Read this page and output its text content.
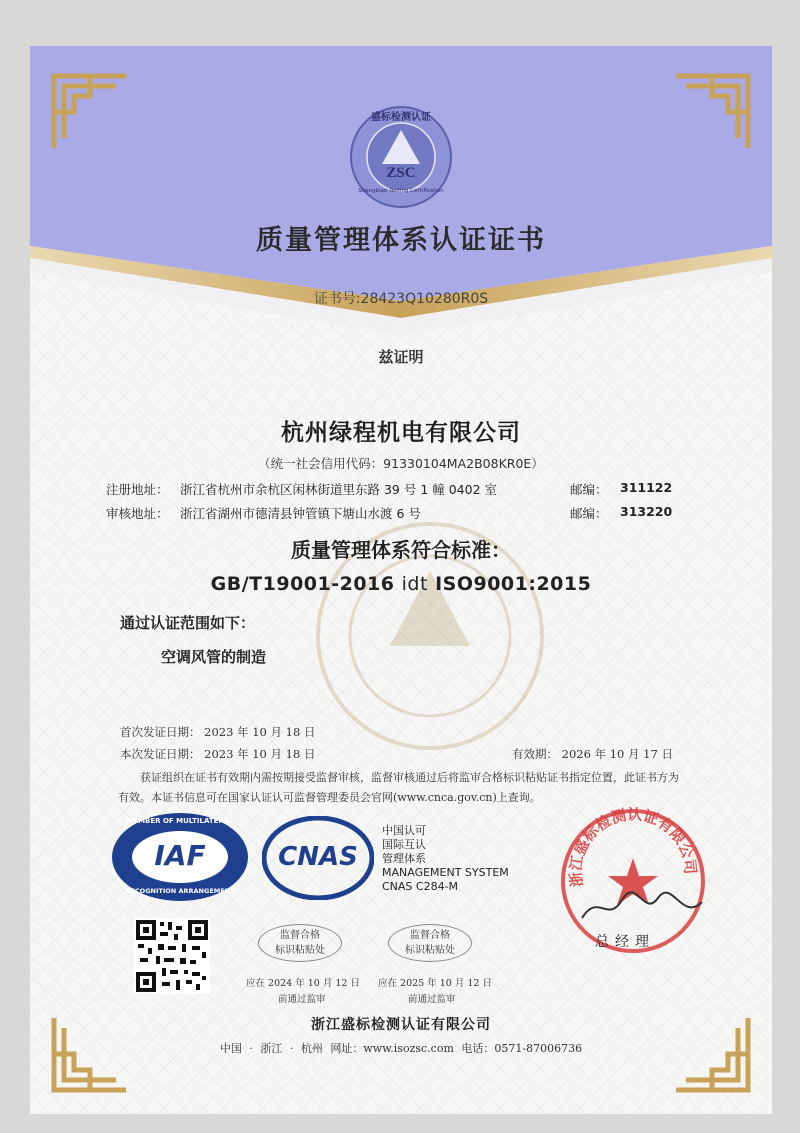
盛标检测认证
ZSC
Shengbiao Testing Certification
质量管理体系认证证书
证书号:28423Q10280R0S
兹证明
杭州绿程机电有限公司
（统一社会信用代码：91330104MA2B08KR0E）
注册地址： 浙江省杭州市余杭区闲林街道里东路 39 号 1 幢 0402 室	邮编： 311122
审核地址： 浙江省湖州市德清县钟管镇下塘山水渡 6 号	邮编： 313220
质量管理体系符合标准：
GB/T19001-2016 idt ISO9001:2015
通过认证范围如下：
空调风管的制造
首次发证日期： 2023 年 10 月 18 日
本次发证日期： 2023 年 10 月 18 日	有效期： 2026 年 10 月 17 日
获证组织在证书有效期内需按期接受监督审核，监督审核通过后将监审合格标识粘贴证书指定位置，此证书方为有效。本证书信息可在国家认证认可监督管理委员会官网(www.cnca.gov.cn)上查询。
MEMBER OF MULTILATERAL
IAF
RECOGNITION ARRANGEMENT
CNAS
中国认可
国际互认
管理体系
MANAGEMENT SYSTEM
CNAS C284-M
监督合格
标识粘贴处
应在 2024 年 10 月 12 日
前通过监审
监督合格
标识粘贴处
应在 2025 年 10 月 12 日
前通过监审
浙江盛标检测认证有限公司
总经理
浙江盛标检测认证有限公司
中国 · 浙江 · 杭州 网址：www.isozsc.com 电话：0571-87006736
